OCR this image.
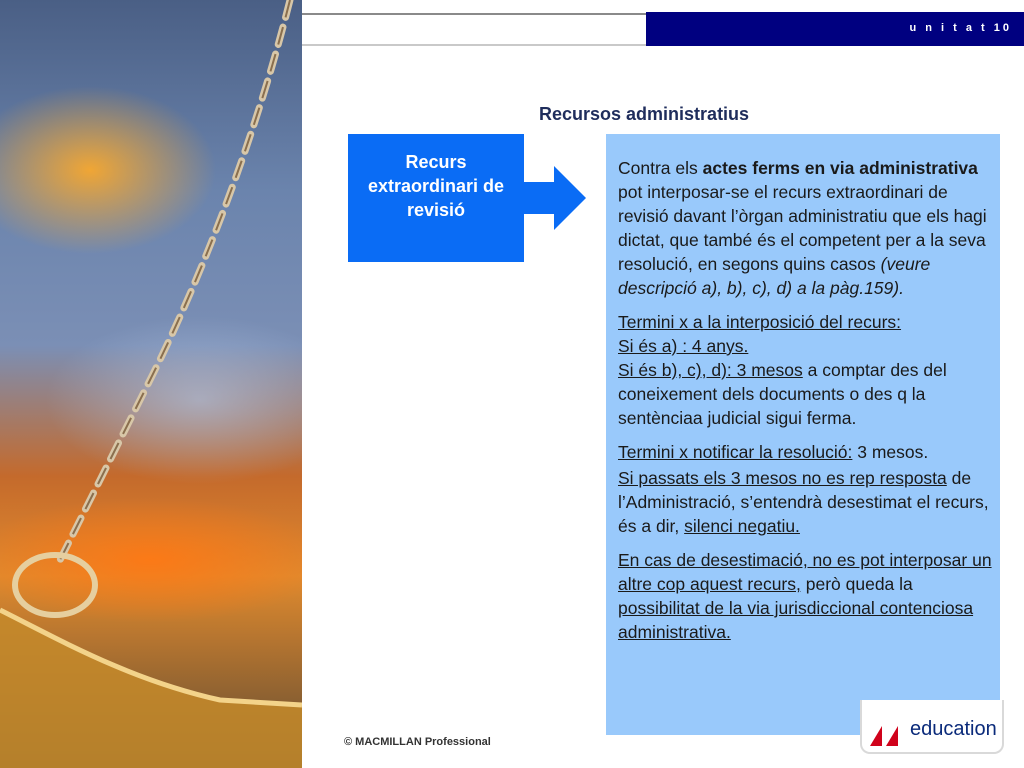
u n i t a t 10
Recursos administratius
Recurs extraordinari de revisió

Contra els actes ferms en via administrativa pot interposar-se el recurs extraordinari de revisió davant l’òrgan administratiu que els hagi dictat, que també és el competent per a la seva resolució, en segons quins casos (veure descripció a), b), c), d) a la pàg.159).

Termini x a la interposició del recurs:
Si és a) : 4 anys.
Si és b), c), d): 3 mesos a comptar des del coneixement dels documents o des q la sentènciaa judicial sigui ferma.

Termini x notificar la resolució: 3 mesos.

Si passats els 3 mesos no es rep resposta de l’Administració, s’entendrà desestimat el recurs, és a dir, silenci negatiu.

En cas de desestimació, no es pot interposar un altre cop aquest recurs, però queda la possibilitat de la via jurisdiccional contenciosa administrativa.

education
© MACMILLAN Professional
